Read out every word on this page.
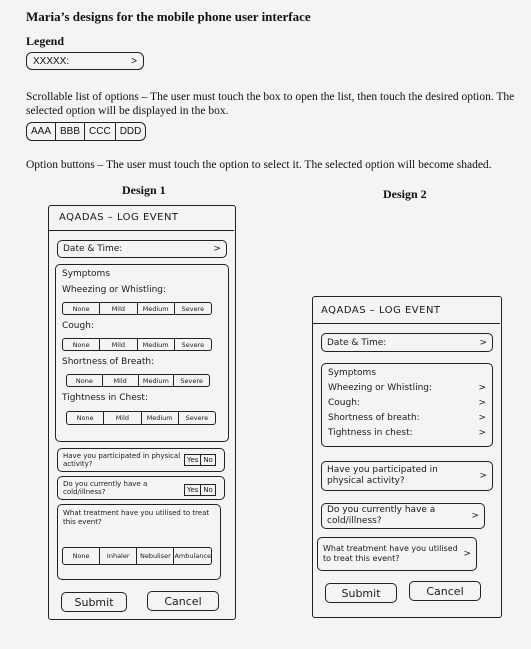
Maria’s designs for the mobile phone user interface
Legend
XXXXX:	>
Scrollable list of options – The user must touch the box to open the list, then touch the desired option. The selected option will be displayed in the box.
AAA BBB CCC DDD
Option buttons – The user must touch the option to select it. The selected option will become shaded.
Design 1	Design 2
AQADAS – LOG EVENT
Date & Time:	>
Symptoms
Wheezing or Whistling:
None	Mild	Medium	Severe
Cough:
None	Mild	Medium	Severe
Shortness of Breath:
None	Mild	Medium	Severe
Tightness in Chest:
None	Mild	Medium	Severe
Have you participated in physical activity?	Yes No
Do you currently have a cold/illness?	Yes No
What treatment have you utilised to treat this event?
None	Inhaler	Nebuliser Ambulance
Submit	Cancel
AQADAS – LOG EVENT
Date & Time:	>
Symptoms
Wheezing or Whistling:	>
Cough:	>
Shortness of breath:	>
Tightness in chest:	>
Have you participated in physical activity?	>
Do you currently have a cold/illness?	>
What treatment have you utilised to treat this event?	>
Submit	Cancel
